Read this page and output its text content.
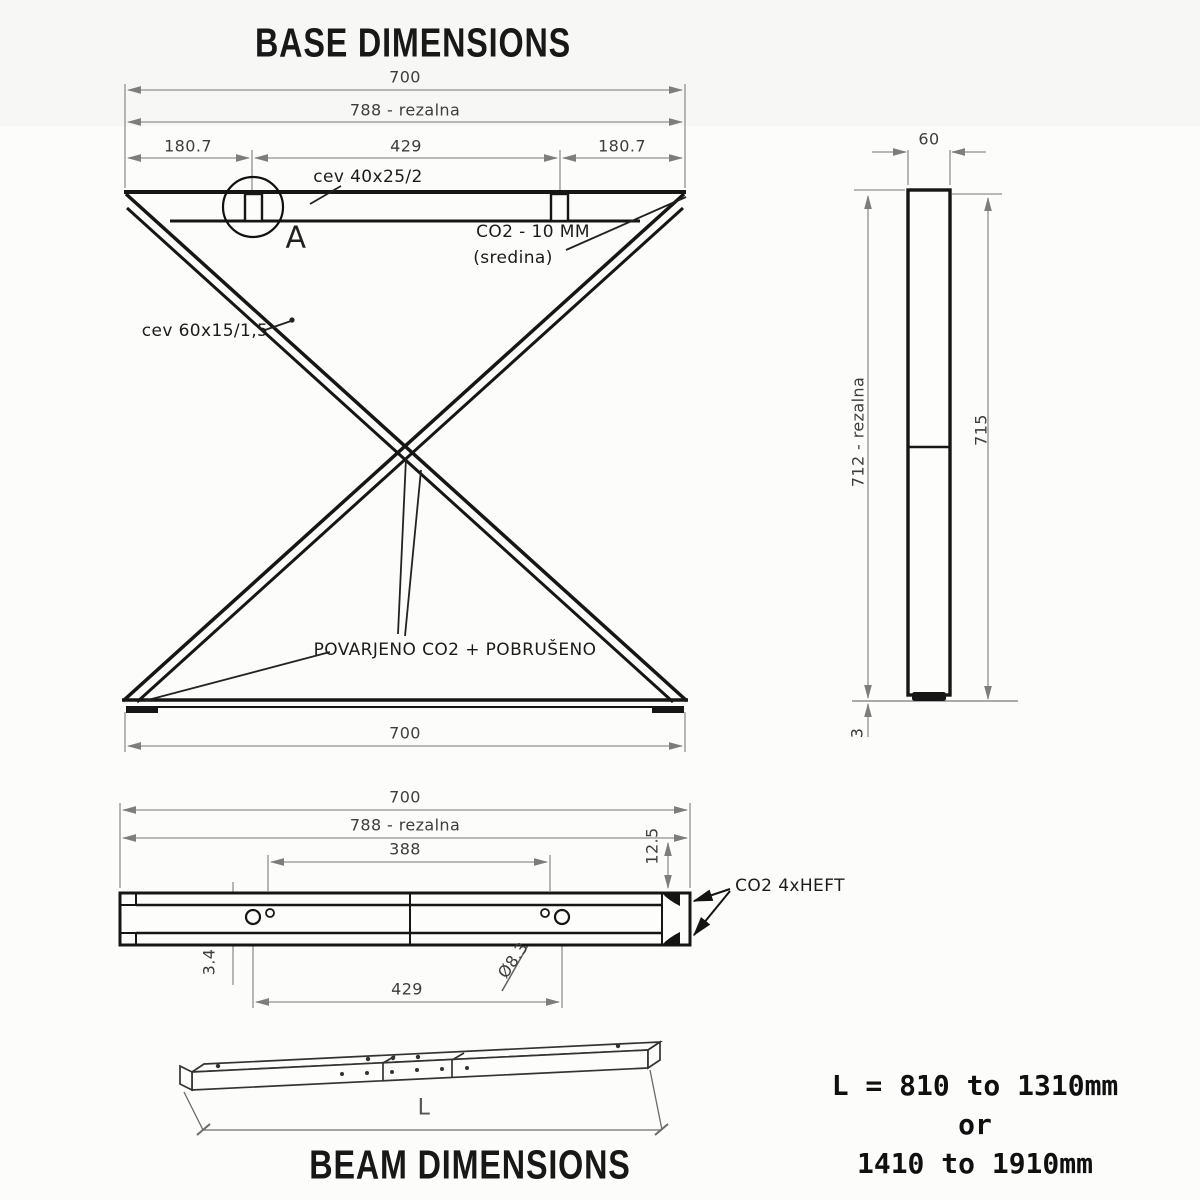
BASE DIMENSIONS
700
788 - rezalna
180.7	429	180.7
cev 40x25/2
A	CO2 - 10 MM
(sredina)
cev 60x15/1,5
POVARJENO CO2 + POBRUŠENO
700
60
712 - rezalna	715
3
700
788 - rezalna
388	12.5
3.4
429
Ø8.3
CO2 4xHEFT
L
BEAM DIMENSIONS
L = 810 to 1310mm
or
1410 to 1910mm
